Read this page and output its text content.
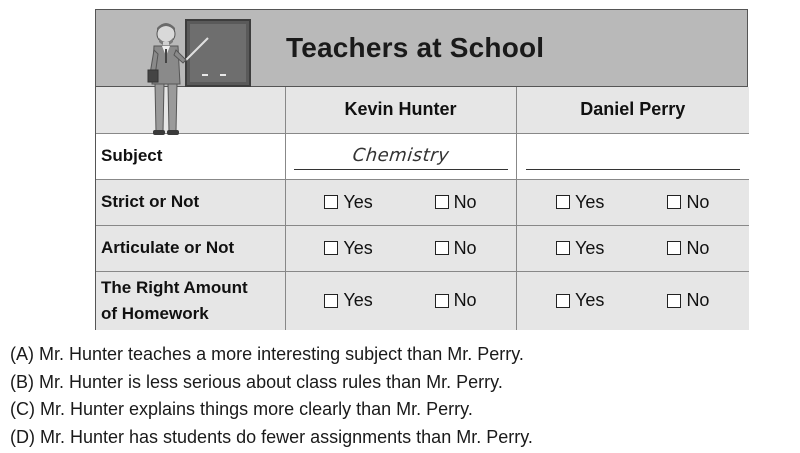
Teachers at School
	Kevin Hunter	Daniel Perry
Subject	Chemistry	

Strict or Not	Yes No	Yes No

Articulate or Not	Yes No	Yes No

The Right Amount
of Homework	Yes No	Yes No
(A) Mr. Hunter teaches a more interesting subject than Mr. Perry.
(B) Mr. Hunter is less serious about class rules than Mr. Perry.
(C) Mr. Hunter explains things more clearly than Mr. Perry.
(D) Mr. Hunter has students do fewer assignments than Mr. Perry.
